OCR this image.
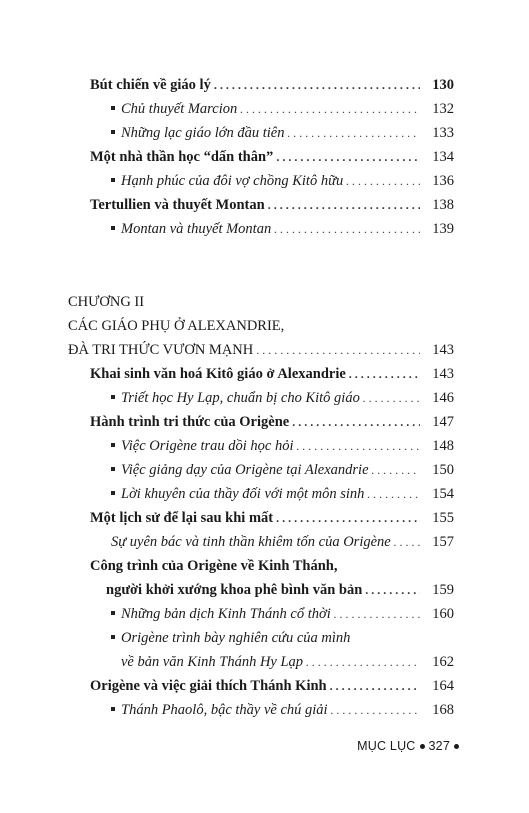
Bút chiến về giáo lý . . .	130
Chủ thuyết Marcion . . .	132
Những lạc giáo lớn đầu tiên . . .	133
Một nhà thần học “dấn thân” . . .	134
Hạnh phúc của đôi vợ chồng Kitô hữu . . .	136
Tertullien và thuyết Montan . . .	138
Montan và thuyết Montan . . .	139
CHƯƠNG II
CÁC GIÁO PHỤ Ở ALEXANDRIE,
ĐÀ TRI THỨC VƯƠN MẠNH . . .	143
Khai sinh văn hoá Kitô giáo ở Alexandrie . . .	143
Triết học Hy Lạp, chuẩn bị cho Kitô giáo . . .	146
Hành trình tri thức của Origène . . .	147
Việc Origène trau dồi học hỏi . . .	148
Việc giảng dạy của Origène tại Alexandrie . . .	150
Lời khuyên của thầy đối với một môn sinh . . .	154
Một lịch sử để lại sau khi mất . . .	155
Sự uyên bác và tinh thần khiêm tốn của Origène . . .	157
Công trình của Origène về Kinh Thánh,
người khởi xướng khoa phê bình văn bản . . .	159
Những bản dịch Kinh Thánh cổ thời . . .	160
Origène trình bày nghiên cứu của mình
về bản văn Kinh Thánh Hy Lạp . . .	162
Origène và việc giải thích Thánh Kinh . . .	164
Thánh Phaolô, bậc thầy về chú giải . . .	168
MỤC LỤC 327
